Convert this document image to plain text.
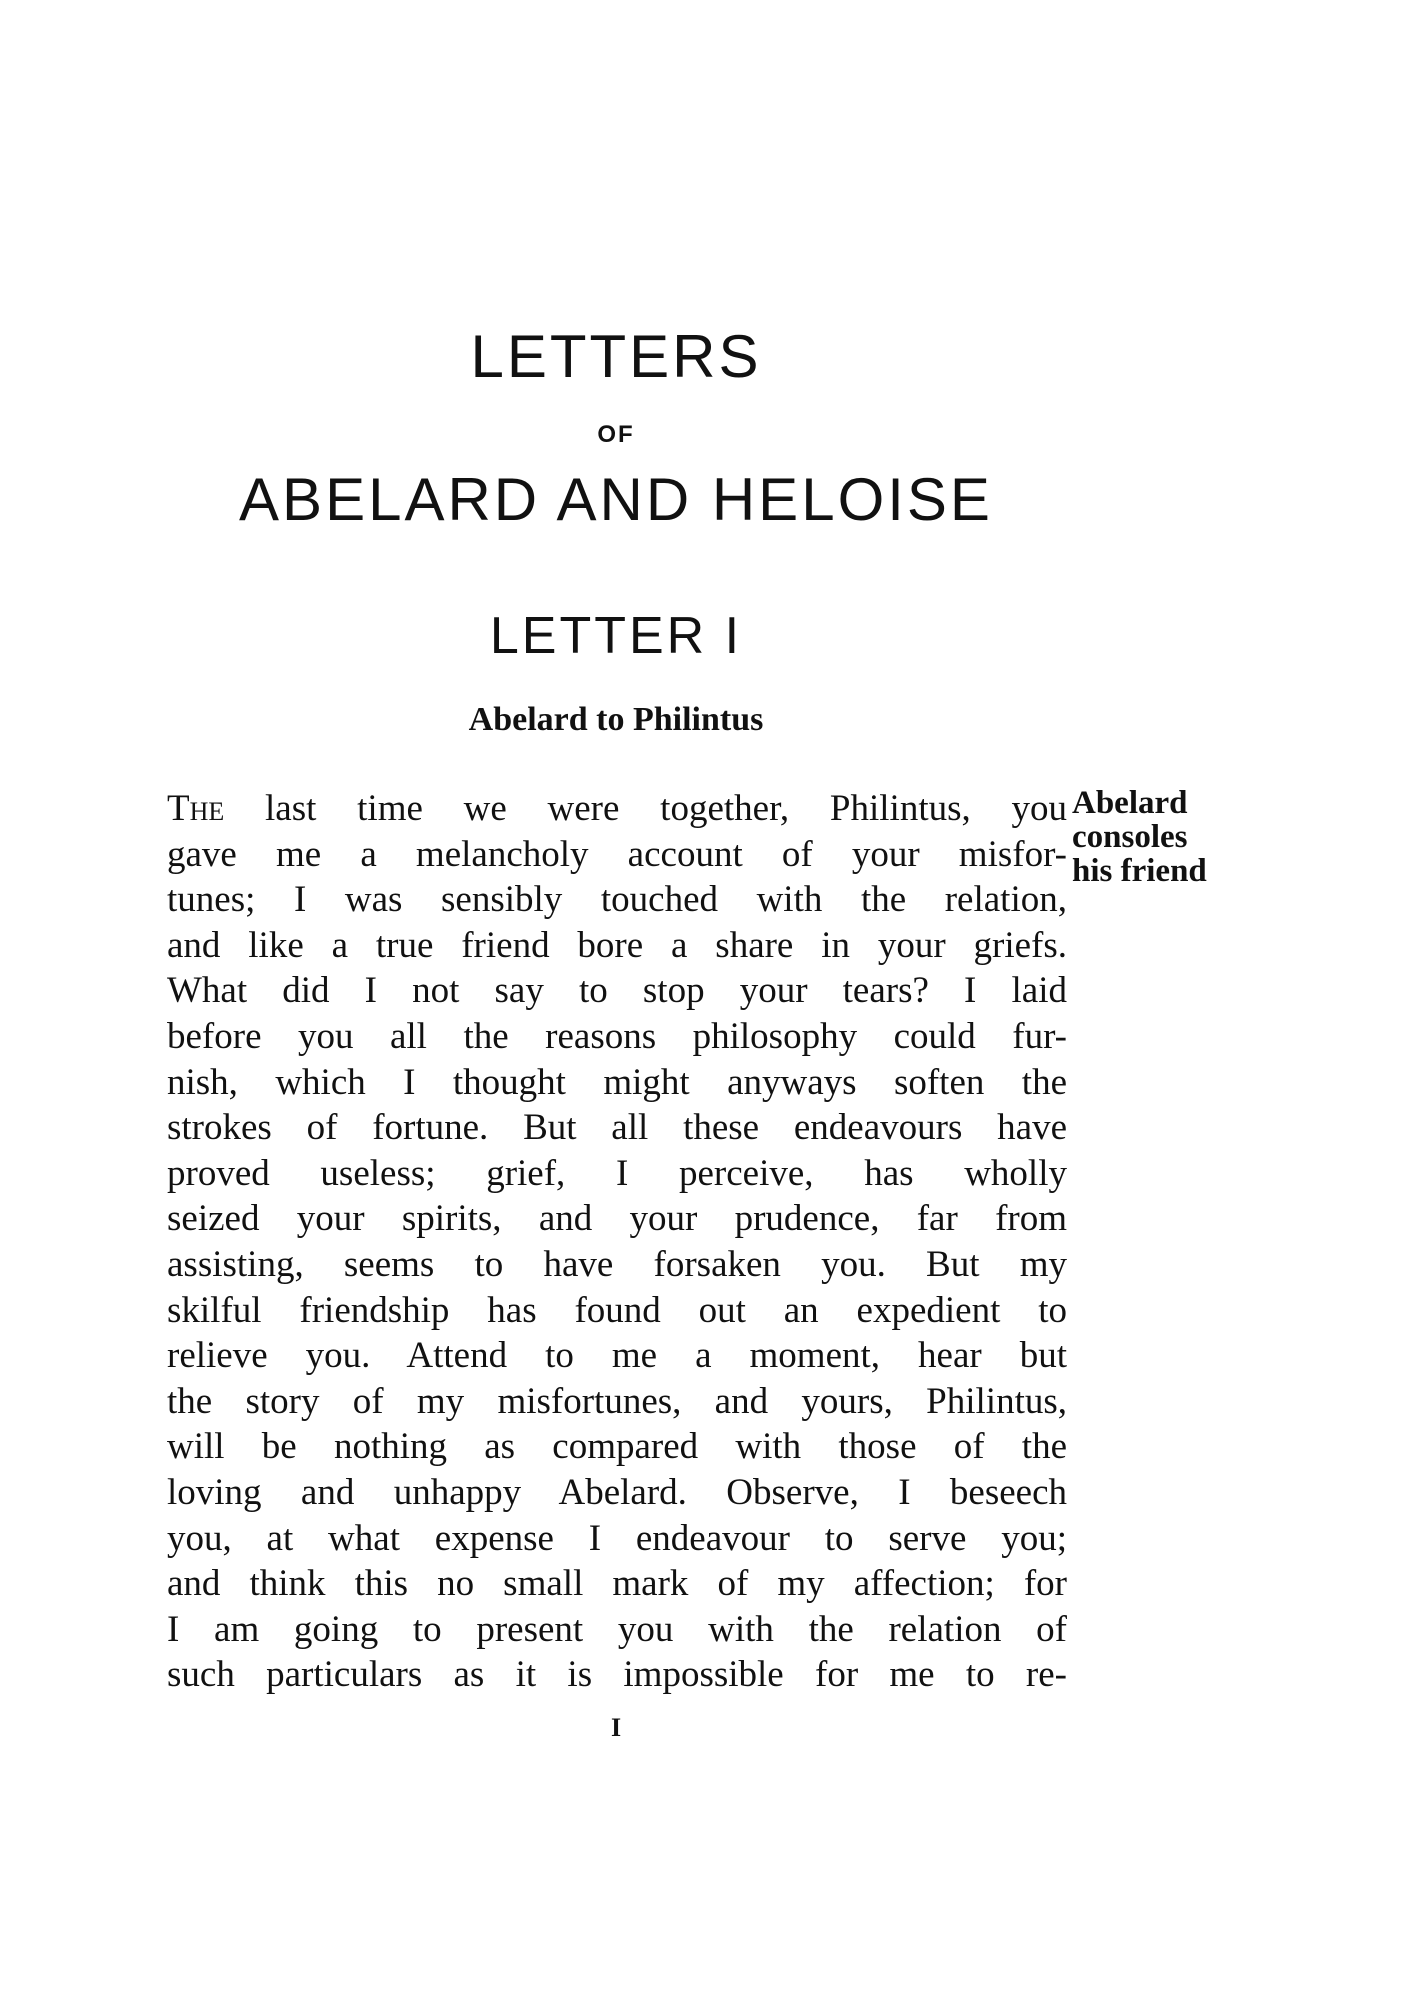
LETTERS
OF
ABELARD AND HELOISE
LETTER I
Abelard to Philintus
The last time we were together, Philintus, you
gave me a melancholy account of your misfor-
tunes; I was sensibly touched with the relation,
and like a true friend bore a share in your griefs.
What did I not say to stop your tears? I laid
before you all the reasons philosophy could fur-
nish, which I thought might anyways soften the
strokes of fortune. But all these endeavours have
proved useless; grief, I perceive, has wholly
seized your spirits, and your prudence, far from
assisting, seems to have forsaken you. But my
skilful friendship has found out an expedient to
relieve you. Attend to me a moment, hear but
the story of my misfortunes, and yours, Philintus,
will be nothing as compared with those of the
loving and unhappy Abelard. Observe, I beseech
you, at what expense I endeavour to serve you;
and think this no small mark of my affection; for
I am going to present you with the relation of
such particulars as it is impossible for me to re-
Abelard
consoles
his friend
I
